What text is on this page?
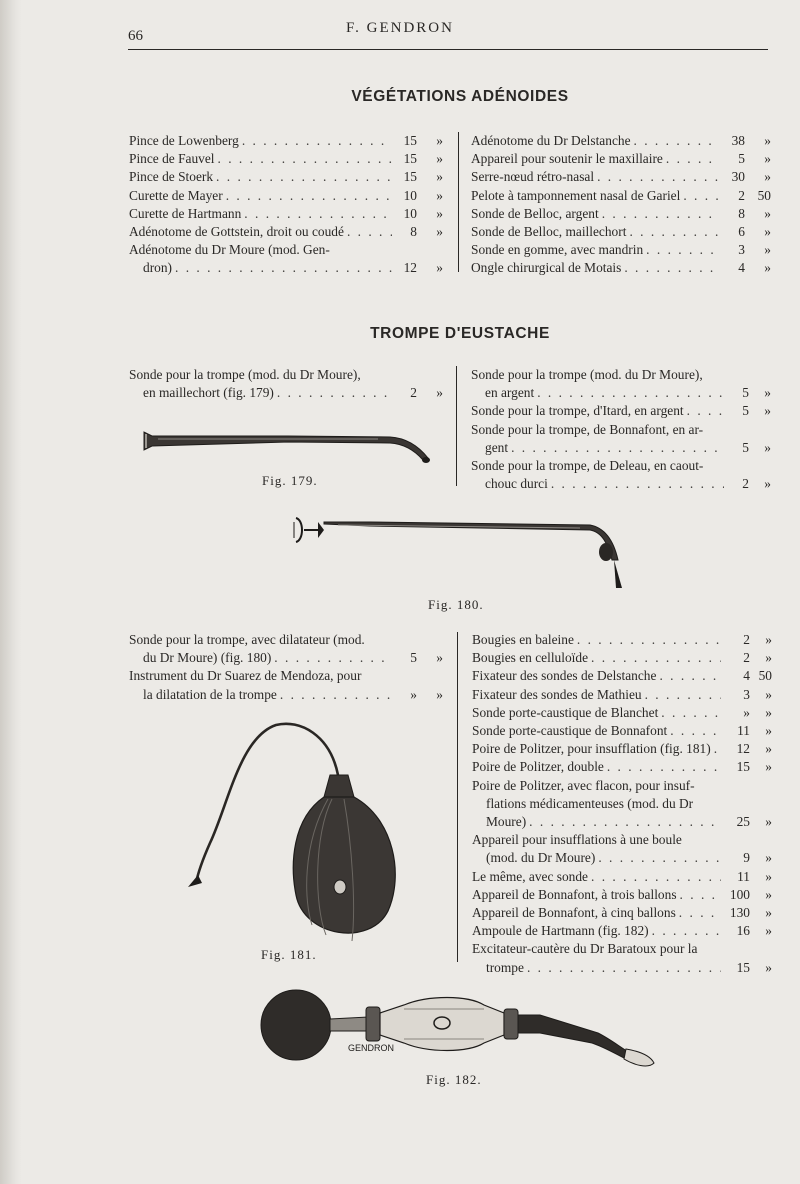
66	F. GENDRON
VÉGÉTATIONS ADÉNOIDES
Pince de Lowenberg . . .	15	»
Pince de Fauvel . . .	15	»
Pince de Stoerk . . .	15	»
Curette de Mayer . . .	10	»
Curette de Hartmann . . .	10	»
Adénotome de Gottstein, droit ou coudé . . .	8	»
Adénotome du Dr Moure (mod. Gen-
dron) . . .	12	»
Adénotome du Dr Delstanche . . .	38	»
Appareil pour soutenir le maxillaire . . .	5	»
Serre-nœud rétro-nasal . . .	30	»
Pelote à tamponnement nasal de Gariel . . .	2 50
Sonde de Belloc, argent . . .	8	»
Sonde de Belloc, maillechort . . .	6	»
Sonde en gomme, avec mandrin . . .	3	»
Ongle chirurgical de Motais . . .	4	»
TROMPE D'EUSTACHE
Sonde pour la trompe (mod. du Dr Moure),
en maillechort (fig. 179) . . .	2	»
Fig. 179.
Sonde pour la trompe (mod. du Dr Moure),
en argent . . .	5	»
Sonde pour la trompe, d'Itard, en argent . . .	5	»
Sonde pour la trompe, de Bonnafont, en ar-
gent . . .	5	»
Sonde pour la trompe, de Deleau, en caout-
chouc durci . . .	2	»
Fig. 180.
Sonde pour la trompe, avec dilatateur (mod.
du Dr Moure) (fig. 180) . . .	5	»
Instrument du Dr Suarez de Mendoza, pour
la dilatation de la trompe . . .	»	»
Fig. 181.
Bougies en baleine . . .	2	»
Bougies en celluloïde . . .	2	»
Fixateur des sondes de Delstanche . . .	4 50
Fixateur des sondes de Mathieu . . .	3	»
Sonde porte-caustique de Blanchet . . .	»	»
Sonde porte-caustique de Bonnafont . . .	11	»
Poire de Politzer, pour insufflation (fig. 181) . . .	12	»
Poire de Politzer, double . . .	15	»
Poire de Politzer, avec flacon, pour insuf-
flations médicamenteuses (mod. du Dr
Moure) . . .	25	»
Appareil pour insufflations à une boule
(mod. du Dr Moure) . . .	9	»
Le même, avec sonde . . .	11	»
Appareil de Bonnafont, à trois ballons . . .	100	»
Appareil de Bonnafont, à cinq ballons . . .	130	»
Ampoule de Hartmann (fig. 182) . . .	16	»
Excitateur-cautère du Dr Baratoux pour la
trompe . . .	15	»
GENDRON
Fig. 182.
